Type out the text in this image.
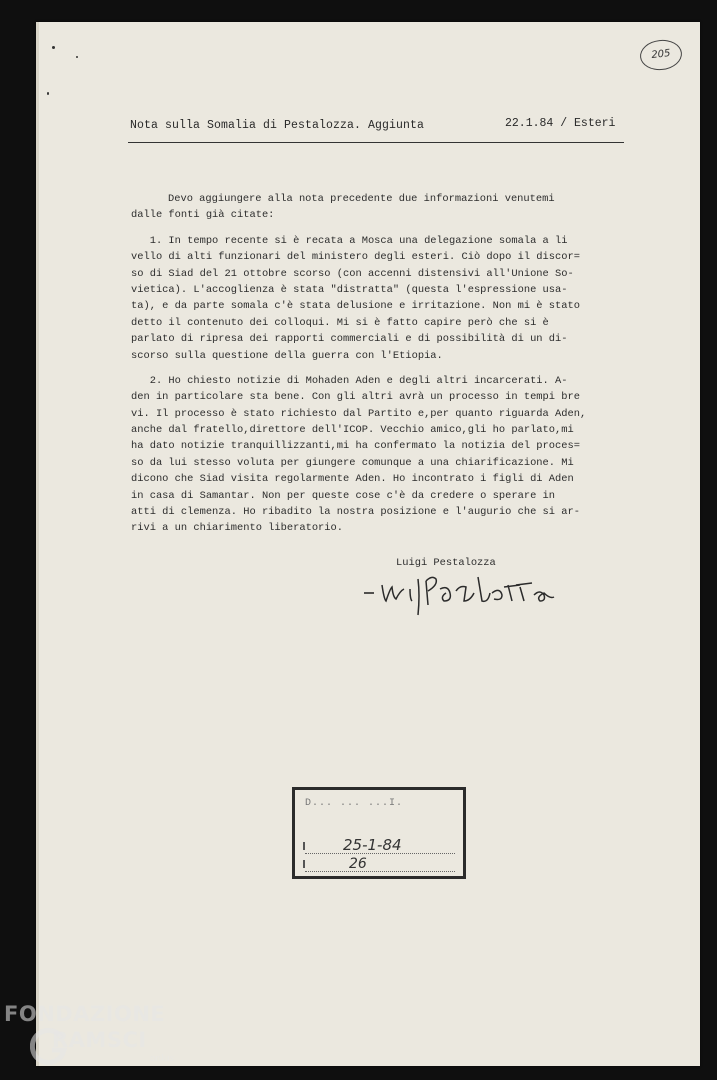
205
Nota sulla Somalia di Pestalozza. Aggiunta	22.1.84 / Esteri
Devo aggiungere alla nota precedente due informazioni venutemi
dalle fonti già citate:
1. In tempo recente si è recata a Mosca una delegazione somala a li
vello di alti funzionari del ministero degli esteri. Ciò dopo il discor=
so di Siad del 21 ottobre scorso (con accenni distensivi all'Unione So-
vietica). L'accoglienza è stata "distratta" (questa l'espressione usa-
ta), e da parte somala c'è stata delusione e irritazione. Non mi è stato
detto il contenuto dei colloqui. Mi si è fatto capire però che si è
parlato di ripresa dei rapporti commerciali e di possibilità di un di-
scorso sulla questione della guerra con l'Etiopia.
2. Ho chiesto notizie di Mohaden Aden e degli altri incarcerati. A-
den in particolare sta bene. Con gli altri avrà un processo in tempi bre
vi. Il processo è stato richiesto dal Partito e,per quanto riguarda Aden,
anche dal fratello,direttore dell'ICOP. Vecchio amico,gli ho parlato,mi
ha dato notizie tranquillizzanti,mi ha confermato la notizia del proces=
so da lui stesso voluta per giungere comunque a una chiarificazione. Mi
dicono che Siad visita regolarmente Aden. Ho incontrato i figli di Aden
in casa di Samantar. Non per queste cose c'è da credere o sperare in
atti di clemenza. Ho ribadito la nostra posizione e l'augurio che si ar-
rivi a un chiarimento liberatorio.
Luigi Pestalozza
D... ... ...I.
25-1-84
26
FONDAZIONE
RAMSCI
onlus
